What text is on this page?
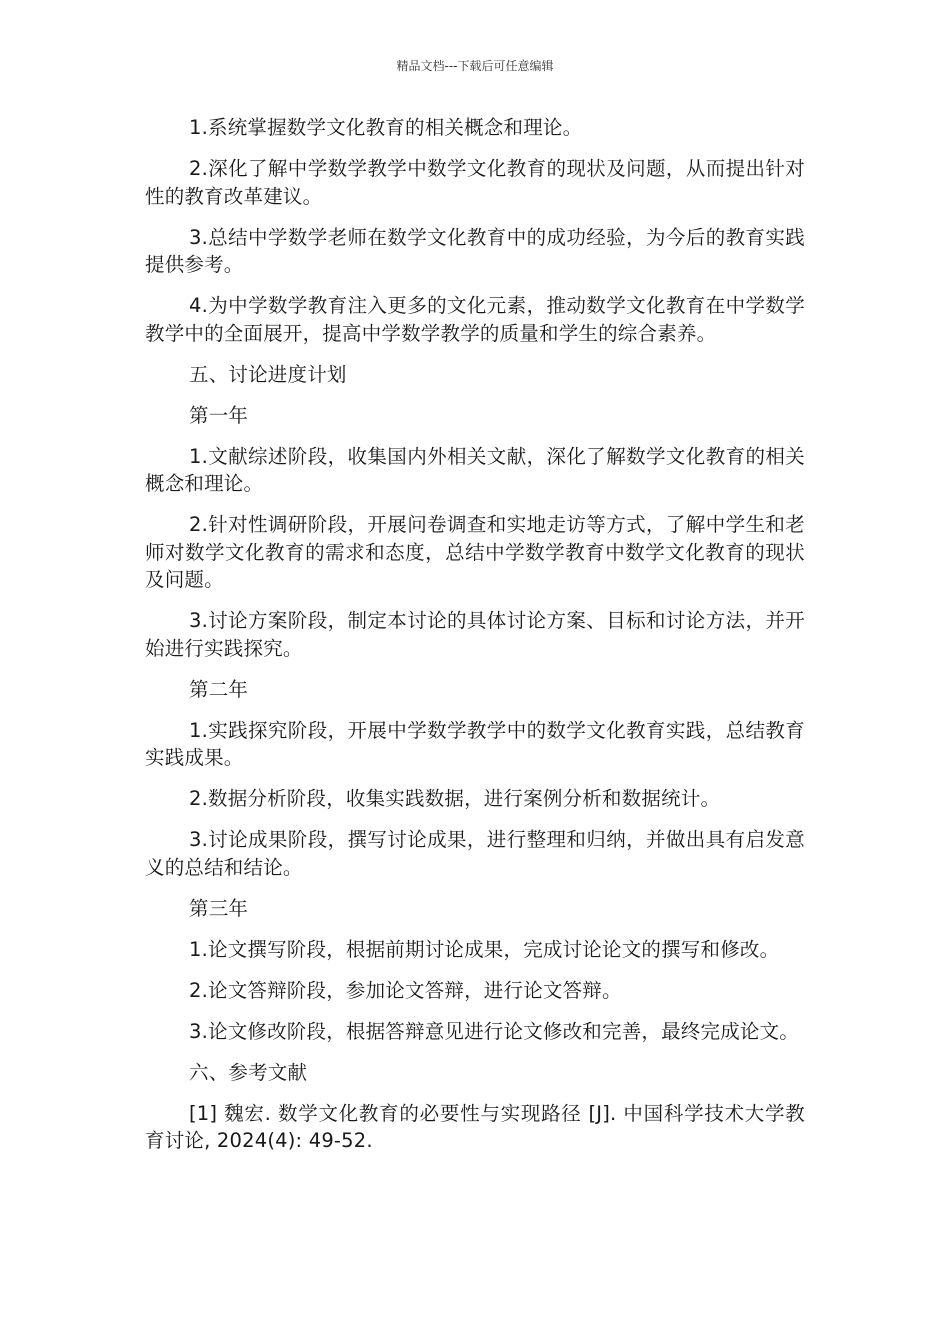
精品文档---下载后可任意编辑

1.系统掌握数学文化教育的相关概念和理论。

2.深化了解中学数学教学中数学文化教育的现状及问题，从而提出针对性的教育改革建议。

3.总结中学数学老师在数学文化教育中的成功经验，为今后的教育实践提供参考。

4.为中学数学教育注入更多的文化元素，推动数学文化教育在中学数学教学中的全面展开，提高中学数学教学的质量和学生的综合素养。

五、讨论进度计划

第一年

1.文献综述阶段，收集国内外相关文献，深化了解数学文化教育的相关概念和理论。

2.针对性调研阶段，开展问卷调查和实地走访等方式，了解中学生和老师对数学文化教育的需求和态度，总结中学数学教育中数学文化教育的现状及问题。

3.讨论方案阶段，制定本讨论的具体讨论方案、目标和讨论方法，并开始进行实践探究。

第二年

1.实践探究阶段，开展中学数学教学中的数学文化教育实践，总结教育实践成果。

2.数据分析阶段，收集实践数据，进行案例分析和数据统计。

3.讨论成果阶段，撰写讨论成果，进行整理和归纳，并做出具有启发意义的总结和结论。

第三年

1.论文撰写阶段，根据前期讨论成果，完成讨论论文的撰写和修改。

2.论文答辩阶段，参加论文答辩，进行论文答辩。

3.论文修改阶段，根据答辩意见进行论文修改和完善，最终完成论文。

六、参考文献

[1] 魏宏. 数学文化教育的必要性与实现路径 [J]. 中国科学技术大学教育讨论, 2024(4): 49-52.
